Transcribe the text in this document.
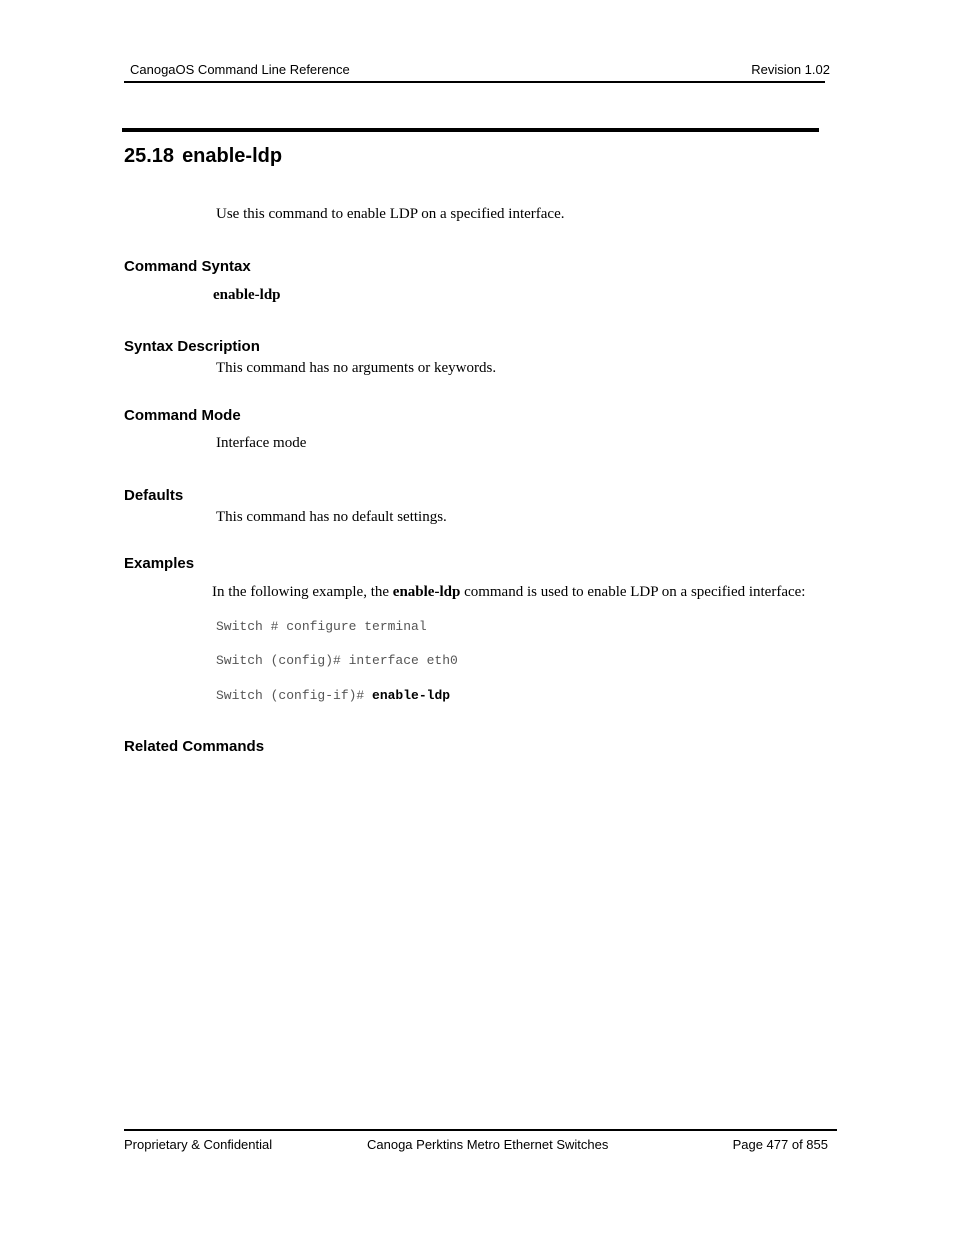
CanogaOS Command Line Reference	Revision 1.02
25.18 enable-ldp
Use this command to enable LDP on a specified interface.
Command Syntax
enable-ldp
Syntax Description
This command has no arguments or keywords.
Command Mode
Interface mode
Defaults
This command has no default settings.
Examples
In the following example, the enable-ldp command is used to enable LDP on a specified interface:
Switch # configure terminal
Switch (config)# interface eth0
Switch (config-if)# enable-ldp
Related Commands
Proprietary & Confidential	Canoga Perktins Metro Ethernet Switches	Page 477 of 855
